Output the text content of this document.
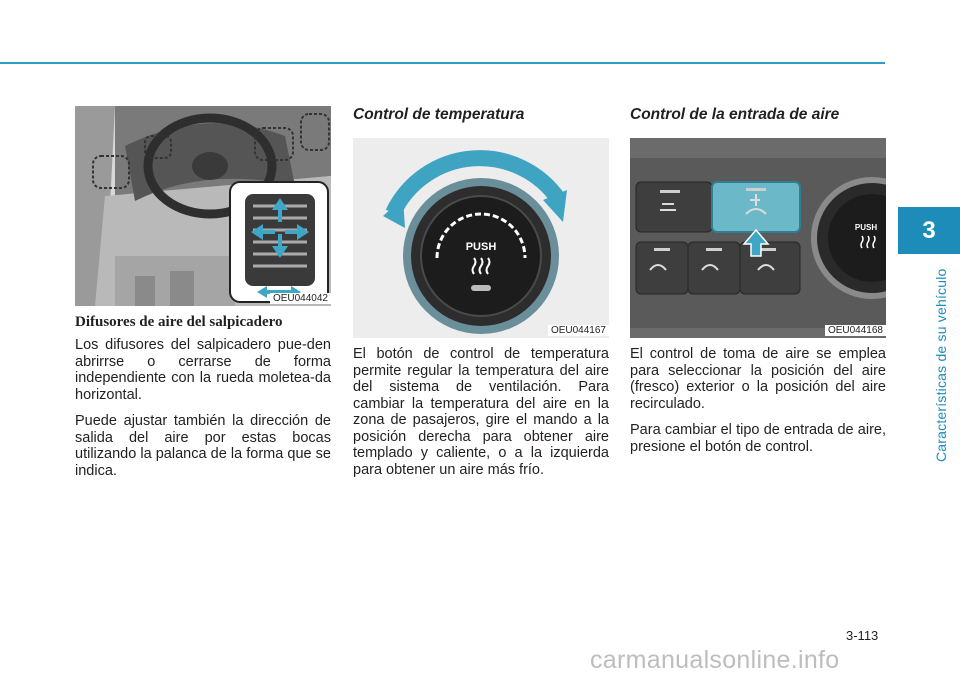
3
Características de su vehículo
OEU044042
Difusores de aire del salpicadero

Los difusores del salpicadero pue-den abrirrse o cerrarse de forma independiente con la rueda moletea-da horizontal.

Puede ajustar también la dirección de salida del aire por estas bocas utilizando la palanca de la forma que se indica.

Control de temperatura
PUSH
OEU044167

El botón de control de temperatura permite regular la temperatura del aire del sistema de ventilación. Para cambiar la temperatura del aire en la zona de pasajeros, gire el mando a la posición derecha para obtener aire templado y caliente, o a la izquierda para obtener un aire más frío.

Control de la entrada de aire
PUSH
OEU044168

El control de toma de aire se emplea para seleccionar la posición del aire (fresco) exterior o la posición del aire recirculado.

Para cambiar el tipo de entrada de aire, presione el botón de control.

3-113
carmanualsonline.info
